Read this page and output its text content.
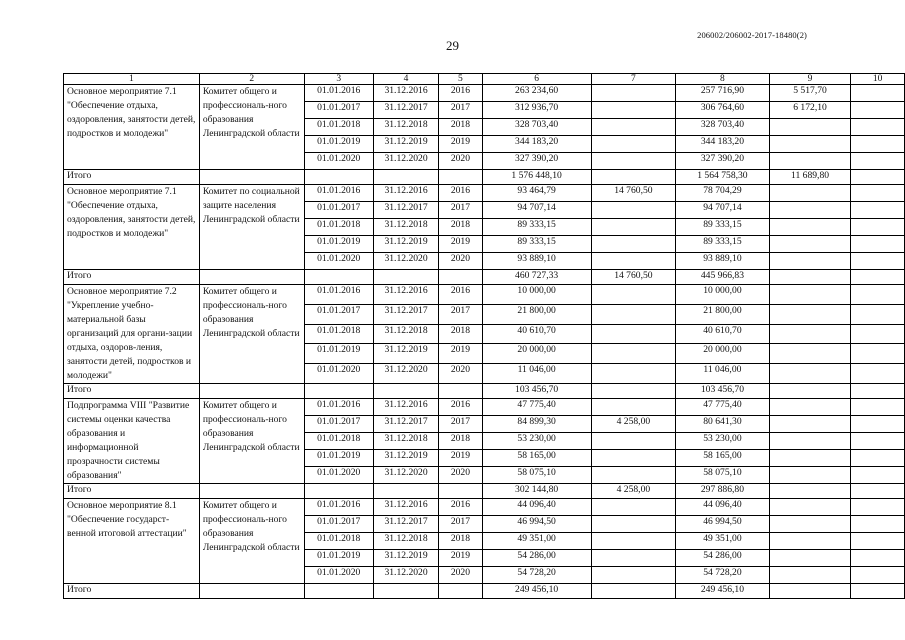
206002/206002-2017-18480(2)
29
1	2	3	4	5	6	7	8	9	10
Основное мероприятие 7.1 "Обеспечение отдыха, оздоровления, занятости детей, подростков и молодежи"	Комитет общего и профессиональ-ного образования Ленинградской области	01.01.2016	31.12.2016	2016	263 234,60		257 716,90	5 517,70	
		01.01.2017	31.12.2017	2017	312 936,70		306 764,60	6 172,10	
		01.01.2018	31.12.2018	2018	328 703,40		328 703,40		
		01.01.2019	31.12.2019	2019	344 183,20		344 183,20		
		01.01.2020	31.12.2020	2020	327 390,20		327 390,20		
Итого					1 576 448,10		1 564 758,30	11 689,80	
Основное мероприятие 7.1 "Обеспечение отдыха, оздоровления, занятости детей, подростков и молодежи"	Комитет по социальной защите населения Ленинградской области	01.01.2016	31.12.2016	2016	93 464,79	14 760,50	78 704,29		
		01.01.2017	31.12.2017	2017	94 707,14		94 707,14		
		01.01.2018	31.12.2018	2018	89 333,15		89 333,15		
		01.01.2019	31.12.2019	2019	89 333,15		89 333,15		
		01.01.2020	31.12.2020	2020	93 889,10		93 889,10		
Итого					460 727,33	14 760,50	445 966,83		
Основное мероприятие 7.2 "Укрепление учебно-материальной базы организаций для органи-зации отдыха, оздоров-ления, занятости детей, подростков и молодежи"	Комитет общего и профессиональ-ного образования Ленинградской области	01.01.2016	31.12.2016	2016	10 000,00		10 000,00		
		01.01.2017	31.12.2017	2017	21 800,00		21 800,00		
		01.01.2018	31.12.2018	2018	40 610,70		40 610,70		
		01.01.2019	31.12.2019	2019	20 000,00		20 000,00		
		01.01.2020	31.12.2020	2020	11 046,00		11 046,00		
Итого					103 456,70		103 456,70		
Подпрограмма VIII "Развитие системы оценки качества образования и информационной прозрачности системы образования"	Комитет общего и профессиональ-ного образования Ленинградской области	01.01.2016	31.12.2016	2016	47 775,40		47 775,40		
		01.01.2017	31.12.2017	2017	84 899,30	4 258,00	80 641,30		
		01.01.2018	31.12.2018	2018	53 230,00		53 230,00		
		01.01.2019	31.12.2019	2019	58 165,00		58 165,00		
		01.01.2020	31.12.2020	2020	58 075,10		58 075,10		
Итого					302 144,80	4 258,00	297 886,80		
Основное мероприятие 8.1 "Обеспечение государст-венной итоговой аттестации"	Комитет общего и профессиональ-ного образования Ленинградской области	01.01.2016	31.12.2016	2016	44 096,40		44 096,40		
		01.01.2017	31.12.2017	2017	46 994,50		46 994,50		
		01.01.2018	31.12.2018	2018	49 351,00		49 351,00		
		01.01.2019	31.12.2019	2019	54 286,00		54 286,00		
		01.01.2020	31.12.2020	2020	54 728,20		54 728,20		
Итого					249 456,10		249 456,10		
